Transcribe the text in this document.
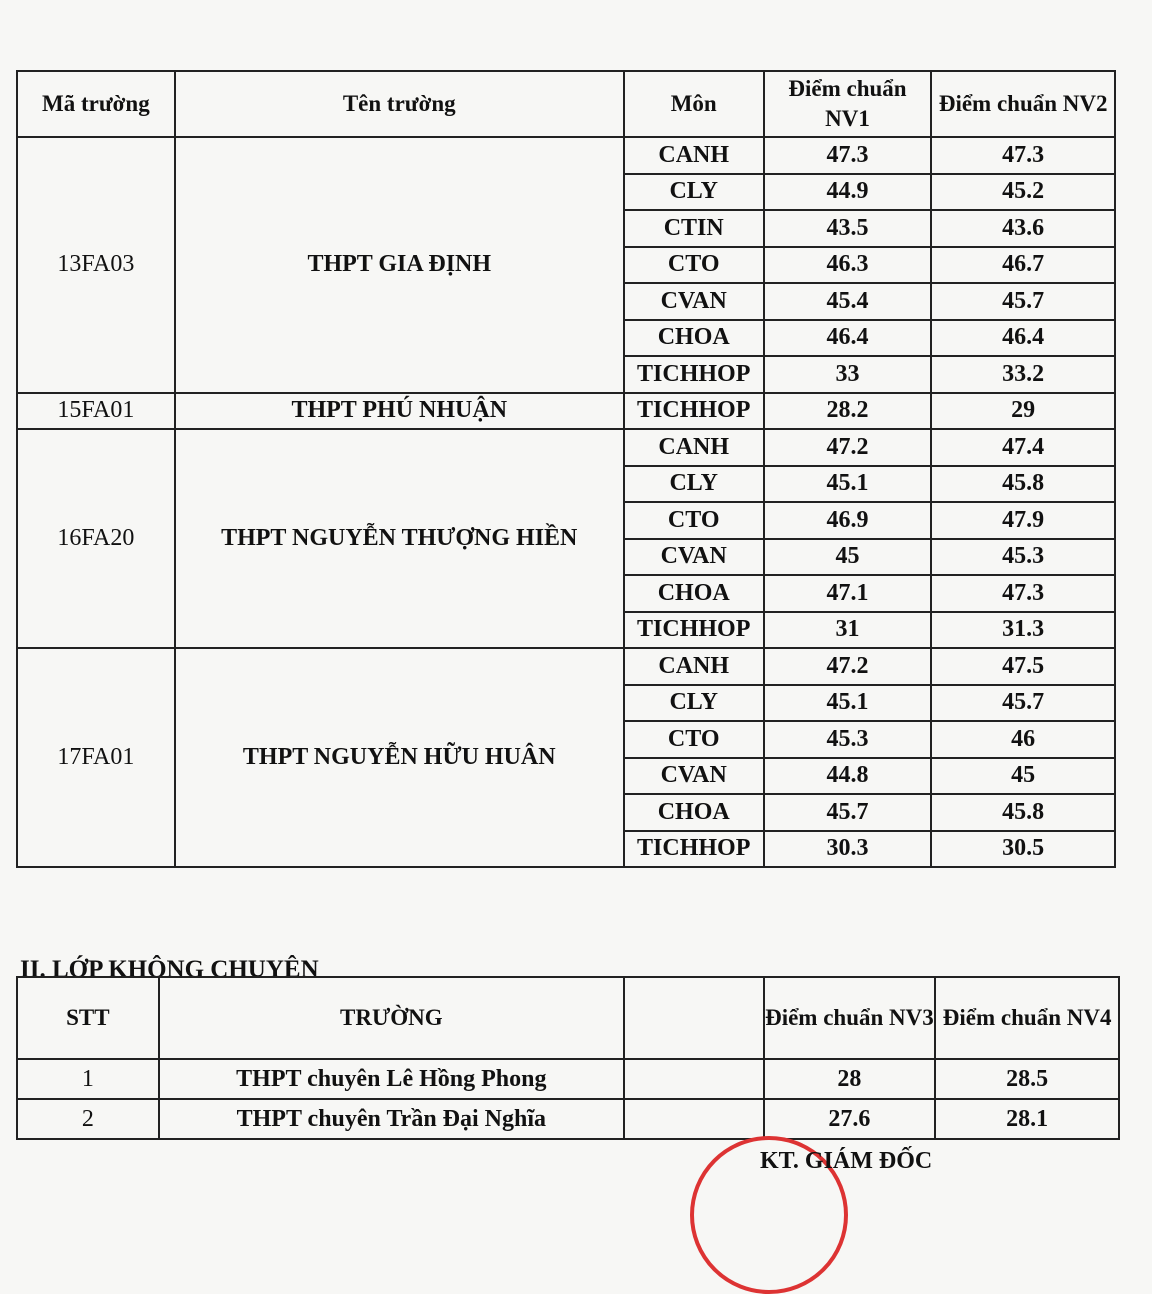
Mã trường	Tên trường	Môn	Điểm chuẩn NV1	Điểm chuẩn NV2
13FA03	THPT GIA ĐỊNH	CANH	47.3	47.3
		CLY	44.9	45.2
		CTIN	43.5	43.6
		CTO	46.3	46.7
		CVAN	45.4	45.7
		CHOA	46.4	46.4
		TICHHOP	33	33.2
15FA01	THPT PHÚ NHUẬN	TICHHOP	28.2	29
16FA20	THPT NGUYỄN THƯỢNG HIỀN	CANH	47.2	47.4
		CLY	45.1	45.8
		CTO	46.9	47.9
		CVAN	45	45.3
		CHOA	47.1	47.3
		TICHHOP	31	31.3
17FA01	THPT NGUYỄN HỮU HUÂN	CANH	47.2	47.5
		CLY	45.1	45.7
		CTO	45.3	46
		CVAN	44.8	45
		CHOA	45.7	45.8
		TICHHOP	30.3	30.5
II. LỚP KHÔNG CHUYÊN
STT	TRƯỜNG		Điểm chuẩn NV3	Điểm chuẩn NV4
1	THPT chuyên Lê Hồng Phong		28	28.5
2	THPT chuyên Trần Đại Nghĩa		27.6	28.1
KT. GIÁM ĐỐC
